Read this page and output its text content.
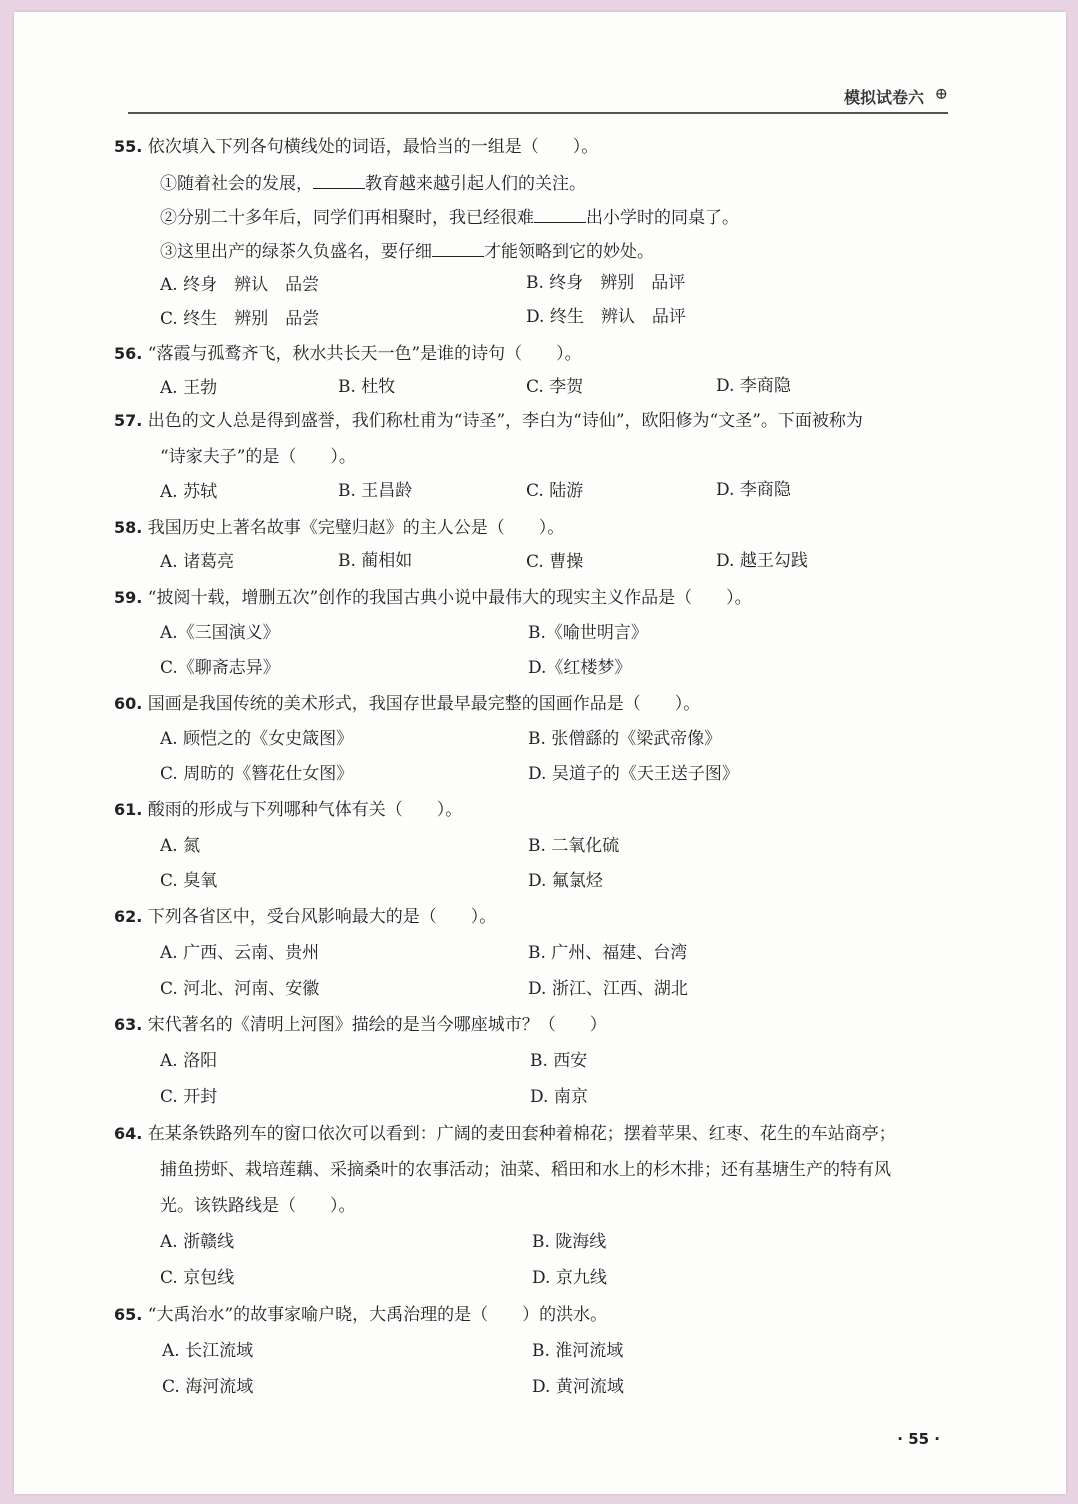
模拟试卷六 ⊕
55. 依次填入下列各句横线处的词语，最恰当的一组是（　　）。
①随着社会的发展，	教育越来越引起人们的关注。
②分别二十多年后，同学们再相聚时，我已经很难	出小学时的同桌了。
③这里出产的绿茶久负盛名，要仔细	才能领略到它的妙处。
A. 终身　辨认　品尝	B. 终身　辨别　品评
C. 终生　辨别　品尝	D. 终生　辨认　品评
56. “落霞与孤鹜齐飞，秋水共长天一色”是谁的诗句（　　）。
A. 王勃	B. 杜牧	C. 李贺	D. 李商隐
57. 出色的文人总是得到盛誉，我们称杜甫为“诗圣”，李白为“诗仙”，欧阳修为“文圣”。下面被称为
“诗家夫子”的是（　　）。
A. 苏轼	B. 王昌龄	C. 陆游	D. 李商隐
58. 我国历史上著名故事《完璧归赵》的主人公是（　　）。
A. 诸葛亮	B. 蔺相如	C. 曹操	D. 越王勾践
59. “披阅十载，增删五次”创作的我国古典小说中最伟大的现实主义作品是（　　）。
A.《三国演义》	B.《喻世明言》
C.《聊斋志异》	D.《红楼梦》
60. 国画是我国传统的美术形式，我国存世最早最完整的国画作品是（　　）。
A. 顾恺之的《女史箴图》	B. 张僧繇的《梁武帝像》
C. 周昉的《簪花仕女图》	D. 吴道子的《天王送子图》
61. 酸雨的形成与下列哪种气体有关（　　）。
A. 氮	B. 二氧化硫
C. 臭氧	D. 氟氯烃
62. 下列各省区中，受台风影响最大的是（　　）。
A. 广西、云南、贵州	B. 广州、福建、台湾
C. 河北、河南、安徽	D. 浙江、江西、湖北
63. 宋代著名的《清明上河图》描绘的是当今哪座城市？（　　）
A. 洛阳	B. 西安
C. 开封	D. 南京
64. 在某条铁路列车的窗口依次可以看到：广阔的麦田套种着棉花；摆着苹果、红枣、花生的车站商亭；
捕鱼捞虾、栽培莲藕、采摘桑叶的农事活动；油菜、稻田和水上的杉木排；还有基塘生产的特有风
光。该铁路线是（　　）。
A. 浙赣线	B. 陇海线
C. 京包线	D. 京九线
65. “大禹治水”的故事家喻户晓，大禹治理的是（　　）的洪水。
A. 长江流域	B. 淮河流域
C. 海河流域	D. 黄河流域
· 55 ·
